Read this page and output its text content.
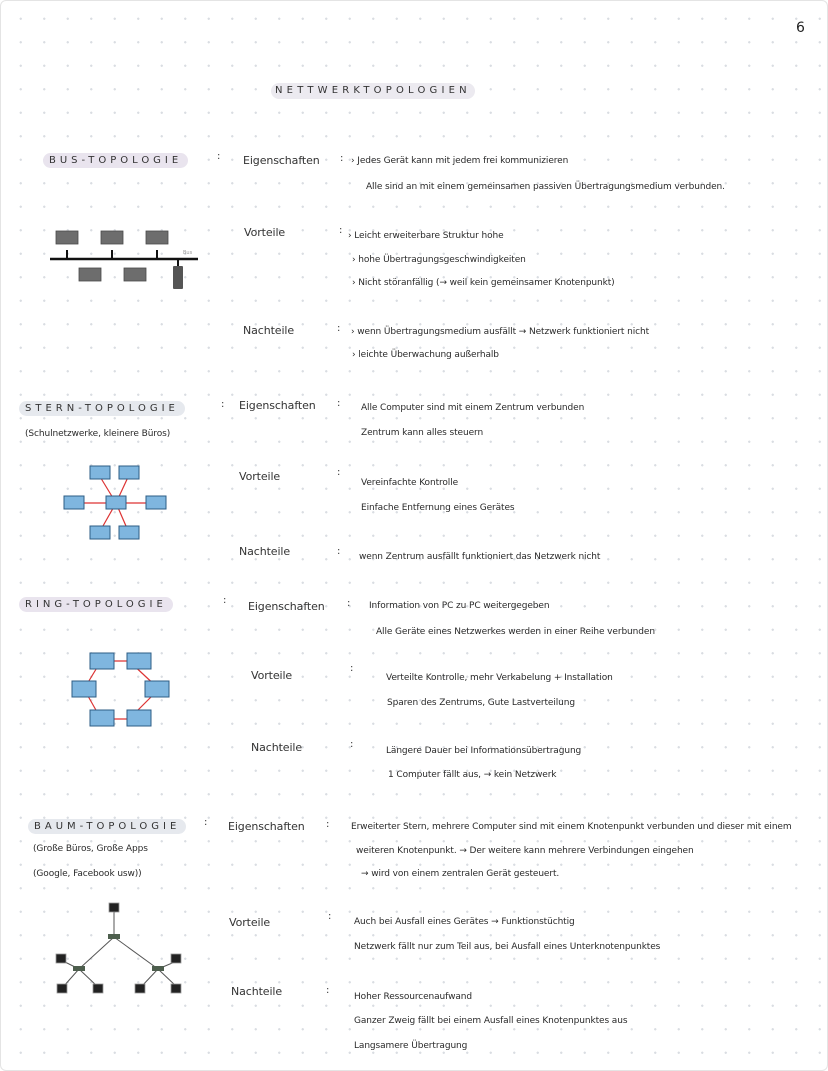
6
NETTWERKTOPOLOGIEN
BUS-TOPOLOGIE	: Eigenschaften : › Jedes Gerät kann mit jedem frei kommunizieren
Alle sind an mit einem gemeinsamen passiven Übertragungsmedium verbunden.
Vorteile	: › Leicht erweiterbare Struktur hohe
› hohe Übertragungsgeschwindigkeiten
› Nicht störanfällig (→ weil kein gemeinsamer Knotenpunkt)
Nachteile	: › wenn Übertragungsmedium ausfällt → Netzwerk funktioniert nicht
› leichte Überwachung außerhalb
Bus
STERN-TOPOLOGIE
(Schulnetzwerke, kleinere Büros)
: Eigenschaften : Alle Computer sind mit einem Zentrum verbunden
Zentrum kann alles steuern
Vorteile	:
Vereinfachte Kontrolle
Einfache Entfernung eines Gerätes
Nachteile	: wenn Zentrum ausfällt funktioniert das Netzwerk nicht
RING-TOPOLOGIE	: Eigenschaften : Information von PC zu PC weitergegeben
Alle Geräte eines Netzwerkes werden in einer Reihe verbunden
Vorteile
:
Verteilte Kontrolle, mehr Verkabelung + Installation
Sparen des Zentrums, Gute Lastverteilung
Nachteile	:
Längere Dauer bei Informationsübertragung
1 Computer fällt aus, → kein Netzwerk
BAUM-TOPOLOGIE
(Große Büros, Große Apps
(Google, Facebook usw))
: Eigenschaften : Erweiterter Stern, mehrere Computer sind mit einem Knotenpunkt verbunden und dieser mit einem
weiteren Knotenpunkt. → Der weitere kann mehrere Verbindungen eingehen
→ wird von einem zentralen Gerät gesteuert.
Vorteile	:	Auch bei Ausfall eines Gerätes → Funktionstüchtig
Netzwerk fällt nur zum Teil aus, bei Ausfall eines Unterknotenpunktes
Nachteile	:
Hoher Ressourcenaufwand
Ganzer Zweig fällt bei einem Ausfall eines Knotenpunktes aus
Langsamere Übertragung
